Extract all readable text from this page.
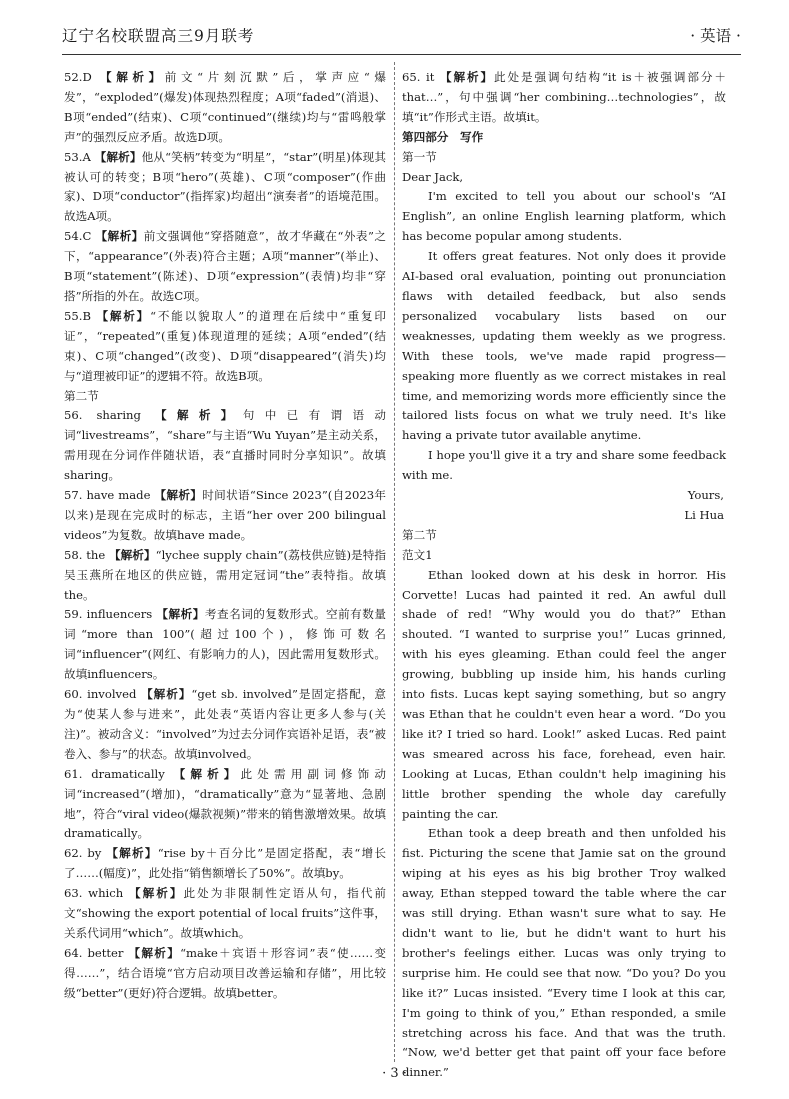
辽宁名校联盟高三9月联考	· 英语 ·

52.D 【解析】前文“片刻沉默”后，掌声应“爆发”，“exploded”(爆发)体现热烈程度；A项“faded”(消退)、B项“ended”(结束)、C项“continued”(继续)均与“雷鸣般掌声”的强烈反应矛盾。故选D项。

53.A 【解析】他从“笑柄”转变为“明星”，“star”(明星)体现其被认可的转变；B项“hero”(英雄)、C项“composer”(作曲家)、D项“conductor”(指挥家)均超出“演奏者”的语境范围。故选A项。

54.C 【解析】前文强调他“穿搭随意”，故才华藏在“外表”之下，“appearance”(外表)符合主题；A项“manner”(举止)、B项“statement”(陈述)、D项“expression”(表情)均非“穿搭”所指的外在。故选C项。

55.B 【解析】“不能以貌取人”的道理在后续中“重复印证”，“repeated”(重复)体现道理的延续；A项“ended”(结束)、C项“changed”(改变)、D项“disappeared”(消失)均与“道理被印证”的逻辑不符。故选B项。

第二节

56. sharing 【解析】句中已有谓语动词“livestreams”，“share”与主语“Wu Yuyan”是主动关系，需用现在分词作伴随状语，表“直播时同时分享知识”。故填sharing。

57. have made 【解析】时间状语“Since 2023”(自2023年以来)是现在完成时的标志，主语“her over 200 bilingual videos”为复数。故填have made。

58. the 【解析】“lychee supply chain”(荔枝供应链)是特指吴玉燕所在地区的供应链，需用定冠词“the”表特指。故填the。

59. influencers 【解析】考查名词的复数形式。空前有数量词“more than 100”(超过100个)，修饰可数名词“influencer”(网红、有影响力的人)，因此需用复数形式。故填influencers。

60. involved 【解析】“get sb. involved”是固定搭配，意为“使某人参与进来”，此处表“英语内容让更多人参与(关注)”。被动含义：“involved”为过去分词作宾语补足语，表“被卷入、参与”的状态。故填involved。

61. dramatically 【解析】此处需用副词修饰动词“increased”(增加)，“dramatically”意为“显著地、急剧地”，符合“viral video(爆款视频)”带来的销售激增效果。故填dramatically。

62. by 【解析】“rise by＋百分比”是固定搭配，表“增长了……(幅度)”，此处指“销售额增长了50%”。故填by。

63. which 【解析】此处为非限制性定语从句，指代前文“showing the export potential of local fruits”这件事，关系代词用“which”。故填which。

64. better 【解析】“make＋宾语＋形容词”表“使……变得……”，结合语境“官方启动项目改善运输和存储”，用比较级“better”(更好)符合逻辑。故填better。

65. it 【解析】此处是强调句结构“it is＋被强调部分＋that…”，句中强调“her combining…technologies”，故填“it”作形式主语。故填it。

第四部分　写作

第一节

Dear Jack,

I'm excited to tell you about our school's “AI English”, an online English learning platform, which has become popular among students.

It offers great features. Not only does it provide AI-based oral evaluation, pointing out pronunciation flaws with detailed feedback, but also sends personalized vocabulary lists based on our weaknesses, updating them weekly as we progress. With these tools, we've made rapid progress—speaking more fluently as we correct mistakes in real time, and memorizing words more efficiently since the tailored lists focus on what we truly need. It's like having a private tutor available anytime.

I hope you'll give it a try and share some feedback with me.

Yours,

Li Hua

第二节

范文1

Ethan looked down at his desk in horror. His Corvette! Lucas had painted it red. An awful dull shade of red! “Why would you do that?” Ethan shouted. “I wanted to surprise you!” Lucas grinned, with his eyes gleaming. Ethan could feel the anger growing, bubbling up inside him, his hands curling into fists. Lucas kept saying something, but so angry was Ethan that he couldn't even hear a word. “Do you like it? I tried so hard. Look!” asked Lucas. Red paint was smeared across his face, forehead, even hair. Looking at Lucas, Ethan couldn't help imagining his little brother spending the whole day carefully painting the car.

Ethan took a deep breath and then unfolded his fist. Picturing the scene that Jamie sat on the ground wiping at his eyes as his big brother Troy walked away, Ethan stepped toward the table where the car was still drying. Ethan wasn't sure what to say. He didn't want to lie, but he didn't want to hurt his brother's feelings either. Lucas was only trying to surprise him. He could see that now. “Do you? Do you like it?” Lucas insisted. “Every time I look at this car, I'm going to think of you,” Ethan responded, a smile stretching across his face. And that was the truth. “Now, we'd better get that paint off your face before dinner.”

· 3 ·
